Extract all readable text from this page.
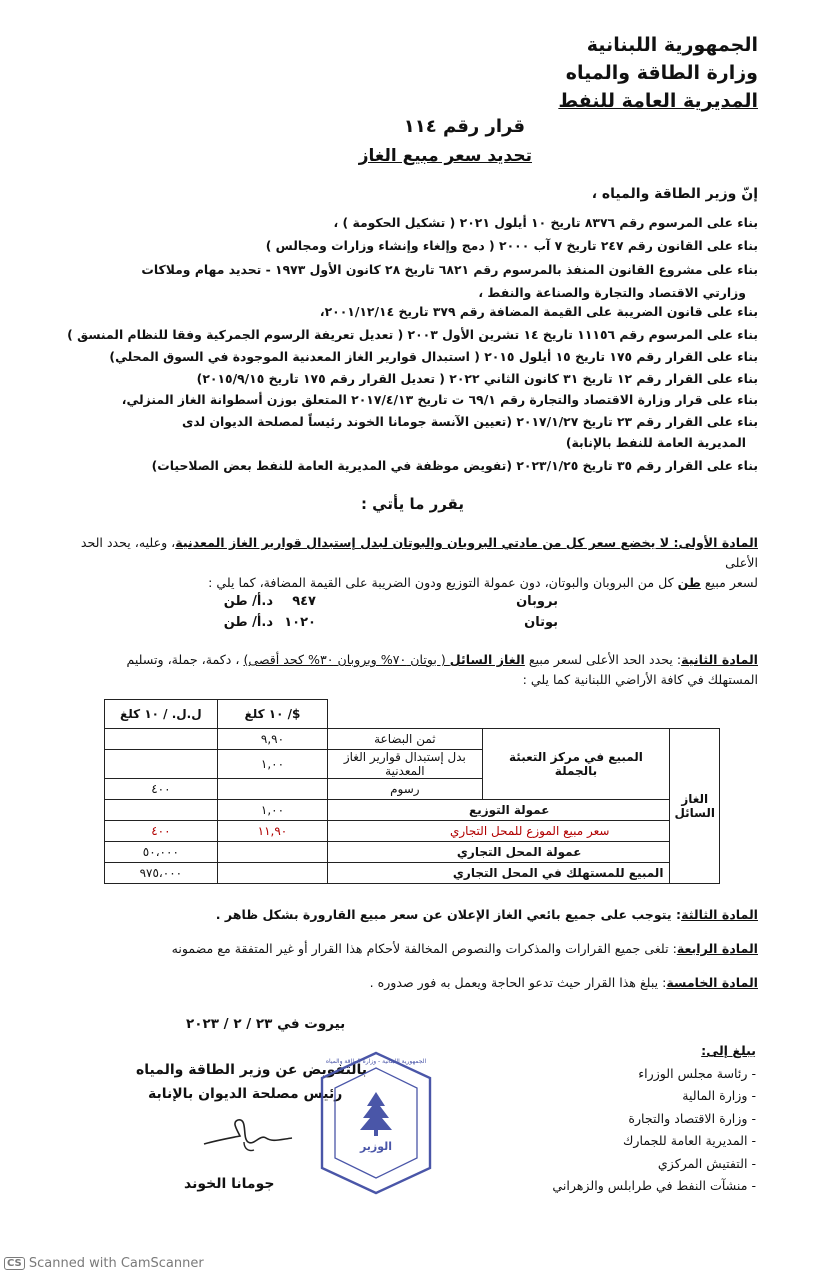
الجمهورية اللبنانية
وزارة الطاقة والمياه
المديرية العامة للنفط
قرار رقم ١١٤
تحديد سعر مبيع الغاز
إنّ وزير الطاقة والمياه ،
بناء على المرسوم رقم ٨٣٧٦ تاريخ ١٠ أيلول ٢٠٢١ ( تشكيل الحكومة ) ،
بناء على القانون رقم ٢٤٧ تاريخ ٧ آب ٢٠٠٠ ( دمج وإلغاء وإنشاء وزارات ومجالس )
بناء على مشروع القانون المنفذ بالمرسوم رقم ٦٨٢١ تاريخ ٢٨ كانون الأول ١٩٧٣ - تحديد مهام وملاكات
وزارتي الاقتصاد والتجارة والصناعة والنفط ،
بناء على قانون الضريبة على القيمة المضافة رقم ٣٧٩ تاريخ ٢٠٠١/١٢/١٤،
بناء على المرسوم رقم ١١١٥٦ تاريخ ١٤ تشرين الأول ٢٠٠٣ ( تعديل تعريفة الرسوم الجمركية وفقا للنظام المنسق )
بناء على القرار رقم ١٧٥ تاريخ ١٥ أيلول ٢٠١٥ ( استبدال قوارير الغاز المعدنية الموجودة في السوق المحلي)
بناء على القرار رقم ١٢ تاريخ ٣١ كانون الثاني ٢٠٢٢ ( تعديل القرار رقم ١٧٥ تاريخ ٢٠١٥/٩/١٥)
بناء على قرار وزارة الاقتصاد والتجارة رقم ٦٩/١ ت تاريخ ٢٠١٧/٤/١٣ المتعلق بوزن أسطوانة الغاز المنزلي،
بناء على القرار رقم ٢٣ تاريخ ٢٠١٧/١/٢٧ (تعيين الآنسة جومانا الخوند رئيساً لمصلحة الديوان لدى
المديرية العامة للنفط بالإنابة)
بناء على القرار رقم ٣٥ تاريخ ٢٠٢٣/١/٢٥ (تفويض موظفة في المديرية العامة للنفط بعض الصلاحيات)
يقرر ما يأتي :
المادة الأولى: لا يخضع سعر كل من مادتي البروبان والبوتان لبدل إستبدال قوارير الغاز المعدنية، وعليه، يحدد الحد الأعلى
لسعر مبيع طن كل من البروبان والبوتان، دون عمولة التوزيع ودون الضريبة على القيمة المضافة، كما يلي :
بروبان
٩٤٧
د.أ/ طن
بوتان
١٠٢٠
د.أ/ طن
المادة الثانية: يحدد الحد الأعلى لسعر مبيع الغاز السائل ( بوتان ٧٠% وبروبان ٣٠% كحد أقصى) ، دكمة، جملة، وتسليم
المستهلك في كافة الأراضي اللبنانية كما يلي :
			$/ ١٠ كلغ	ل.ل. / ١٠ كلغ
الغاز السائل	المبيع في مركز التعبئة بالجملة	ثمن البضاعة	٩,٩٠	
		بدل إستبدال قوارير الغاز المعدنية	١,٠٠	
		رسوم		٤٠٠
	عمولة التوزيع		١,٠٠	
	سعر مبيع الموزع للمحل التجاري		١١,٩٠	٤٠٠
	عمولة المحل التجاري			٥٠،٠٠٠
	المبيع للمستهلك في المحل التجاري			٩٧٥،٠٠٠
المادة الثالثة: يتوجب على جميع بائعي الغاز الإعلان عن سعر مبيع القارورة بشكل ظاهر .
المادة الرابعة: تلغى جميع القرارات والمذكرات والنصوص المخالفة لأحكام هذا القرار أو غير المتفقة مع مضمونه
المادة الخامسة: يبلغ هذا القرار حيث تدعو الحاجة ويعمل به فور صدوره .
بيروت في ٢٣ / ٢ / ٢٠٢٣
بالتفويض عن وزير الطاقة والمياه
رئيس مصلحة الديوان بالإنابة
جومانا الخوند
الوزير
الجمهورية اللبنانية - وزارة الطاقة والمياه
يبلغ إلى:
- رئاسة مجلس الوزراء
- وزارة المالية
- وزارة الاقتصاد والتجارة
- المديرية العامة للجمارك
- التفتيش المركزي
- منشآت النفط في طرابلس والزهراني
CS Scanned with CamScanner
